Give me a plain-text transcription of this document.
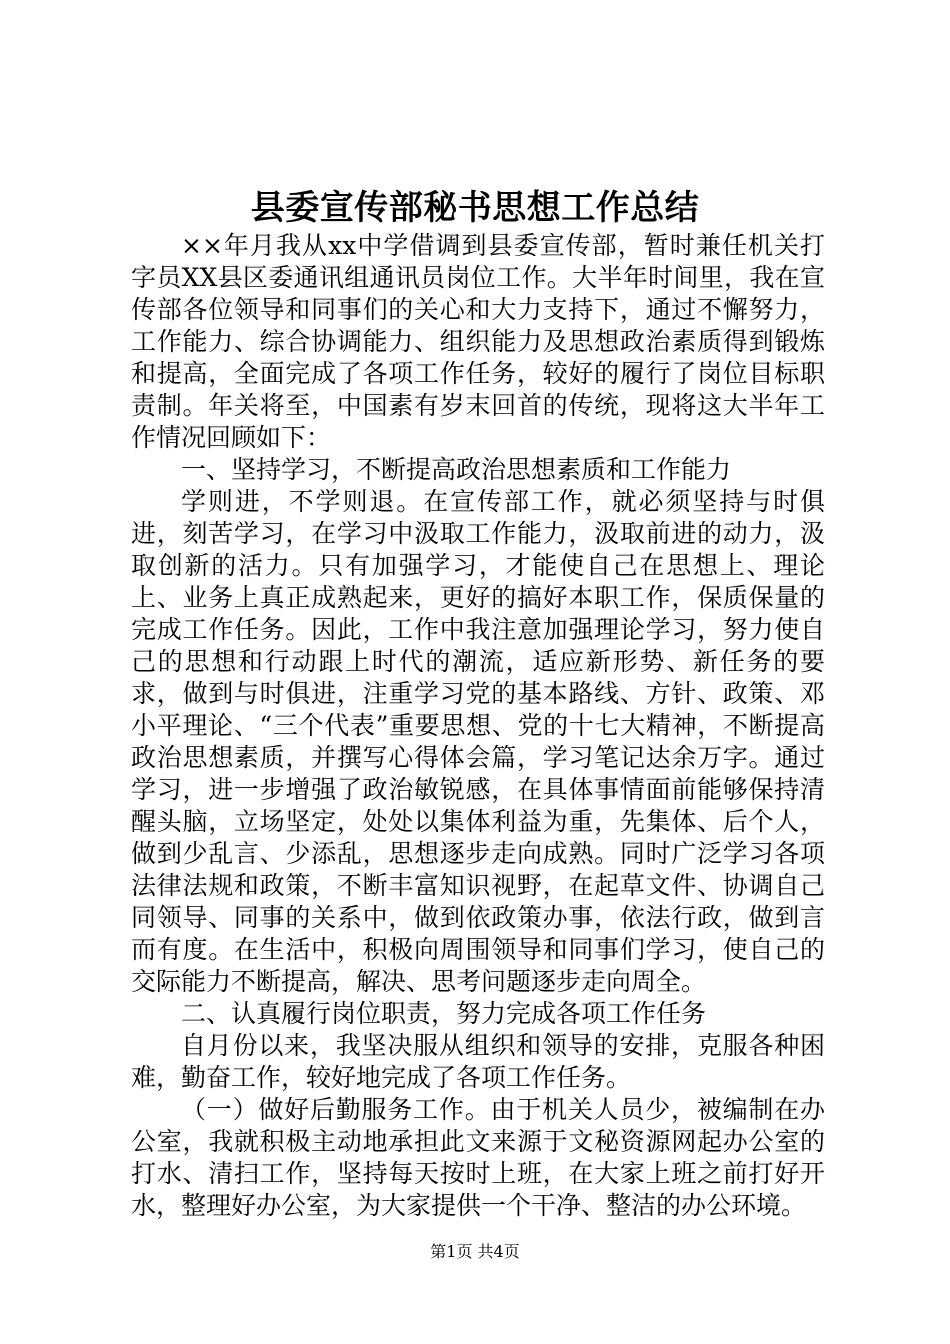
县委宣传部秘书思想工作总结

××年月我从xx中学借调到县委宣传部，暂时兼任机关打字员XX县区委通讯组通讯员岗位工作。大半年时间里，我在宣传部各位领导和同事们的关心和大力支持下，通过不懈努力，工作能力、综合协调能力、组织能力及思想政治素质得到锻炼和提高，全面完成了各项工作任务，较好的履行了岗位目标职责制。年关将至，中国素有岁末回首的传统，现将这大半年工作情况回顾如下：

一、坚持学习，不断提高政治思想素质和工作能力

学则进，不学则退。在宣传部工作，就必须坚持与时俱进，刻苦学习，在学习中汲取工作能力，汲取前进的动力，汲取创新的活力。只有加强学习，才能使自己在思想上、理论上、业务上真正成熟起来，更好的搞好本职工作，保质保量的完成工作任务。因此，工作中我注意加强理论学习，努力使自己的思想和行动跟上时代的潮流，适应新形势、新任务的要求，做到与时俱进，注重学习党的基本路线、方针、政策、邓小平理论、“三个代表”重要思想、党的十七大精神，不断提高政治思想素质，并撰写心得体会篇，学习笔记达余万字。通过学习，进一步增强了政治敏锐感，在具体事情面前能够保持清醒头脑，立场坚定，处处以集体利益为重，先集体、后个人，做到少乱言、少添乱，思想逐步走向成熟。同时广泛学习各项法律法规和政策，不断丰富知识视野，在起草文件、协调自己同领导、同事的关系中，做到依政策办事，依法行政，做到言而有度。在生活中，积极向周围领导和同事们学习，使自己的交际能力不断提高，解决、思考问题逐步走向周全。

二、认真履行岗位职责，努力完成各项工作任务

自月份以来，我坚决服从组织和领导的安排，克服各种困难，勤奋工作，较好地完成了各项工作任务。

（一）做好后勤服务工作。由于机关人员少，被编制在办公室，我就积极主动地承担此文来源于文秘资源网起办公室的打水、清扫工作，坚持每天按时上班，在大家上班之前打好开水，整理好办公室，为大家提供一个干净、整洁的办公环境。

第1页 共4页
